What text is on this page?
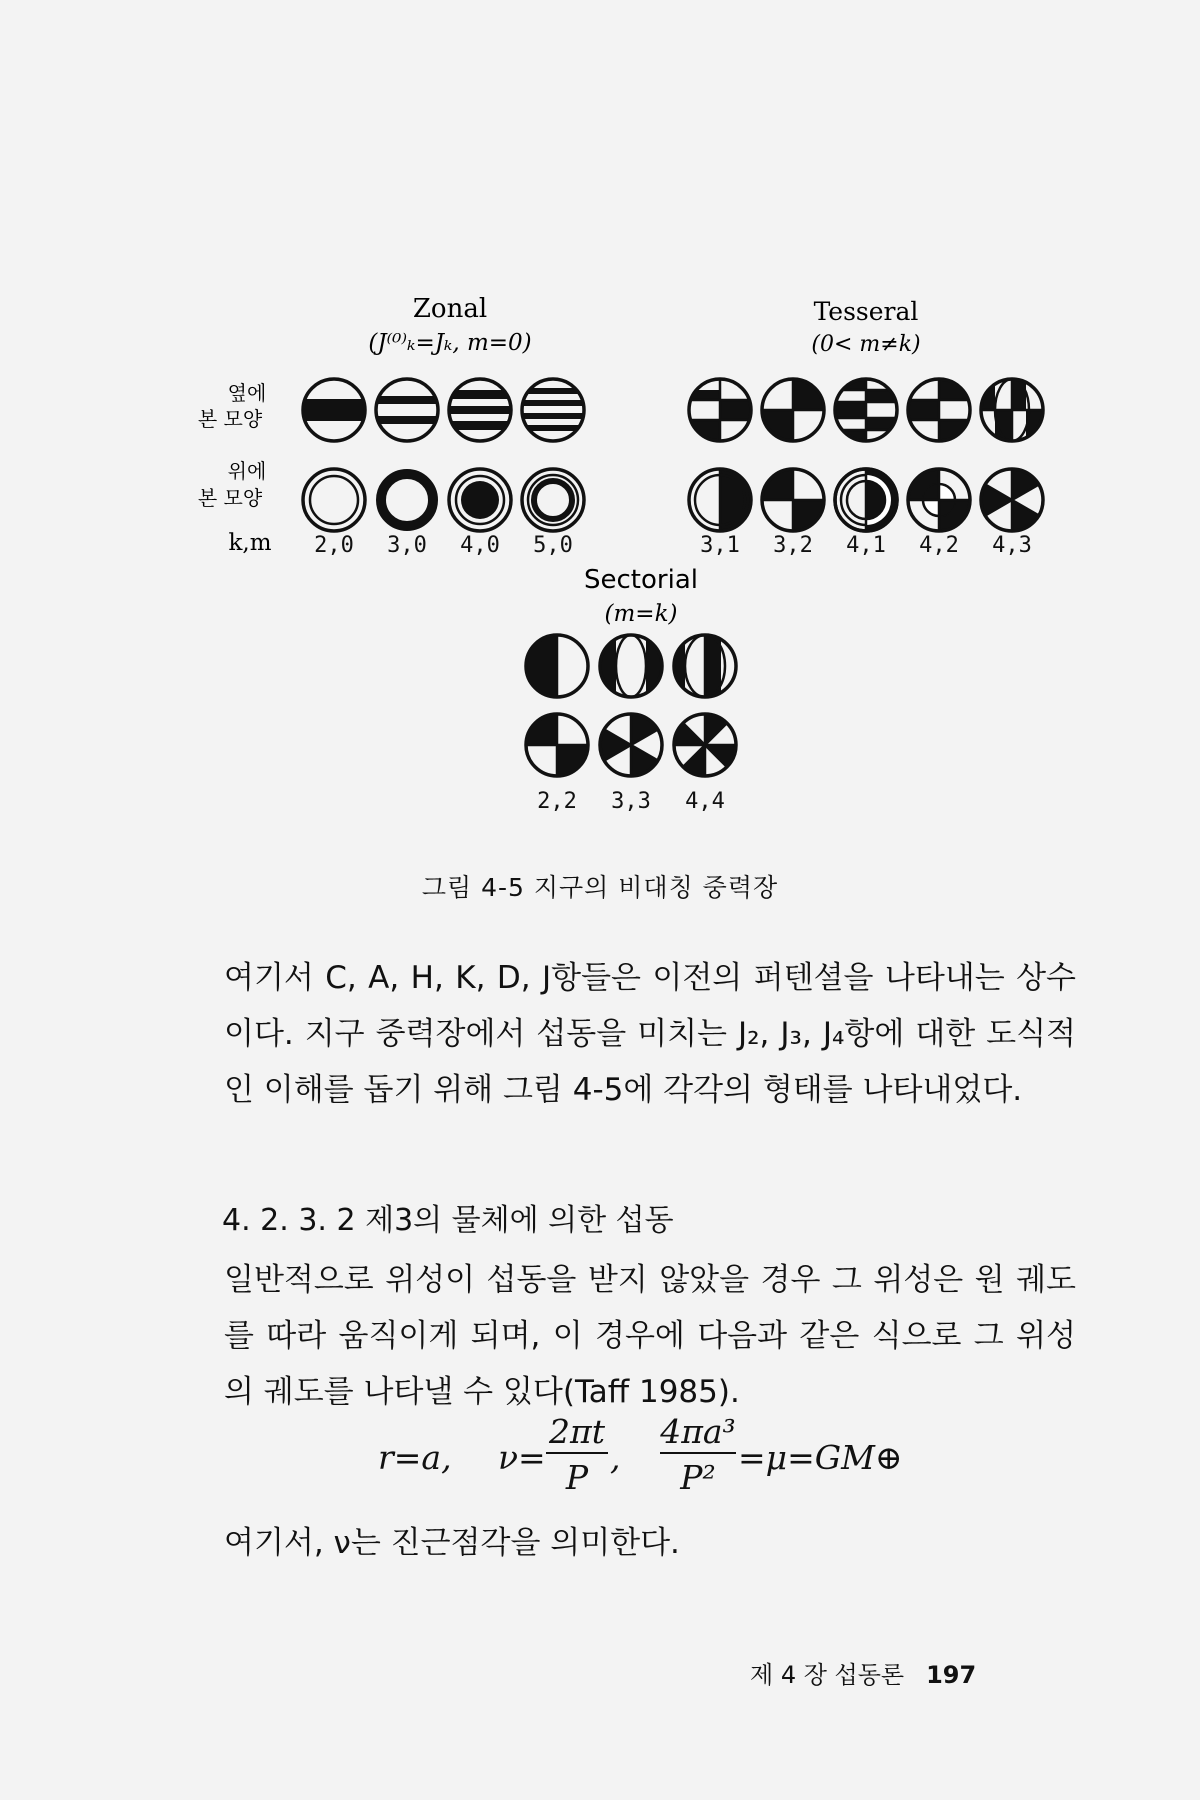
Zonal
(J⁽⁰⁾ₖ=Jₖ, m=0)
Tesseral
(0< m≠k)
Sectorial
(m=k)
옆에
본 모양
위에
본 모양
k,m 2,0 3,0 4,0 5,0	3,1 3,2 4,1 4,2 4,3
2,2 3,3 4,4
그림 4-5 지구의 비대칭 중력장

여기서 C, A, H, K, D, J항들은 이전의 퍼텐셜을 나타내는 상수이다. 지구 중력장에서 섭동을 미치는 J₂, J₃, J₄항에 대한 도식적인 이해를 돕기 위해 그림 4-5에 각각의 형태를 나타내었다.

4. 2. 3. 2 제3의 물체에 의한 섭동

일반적으로 위성이 섭동을 받지 않았을 경우 그 위성은 원 궤도를 따라 움직이게 되며, 이 경우에 다음과 같은 식으로 그 위성의 궤도를 나타낼 수 있다(Taff 1985).

r=a, ν=
2πt
P
,
4πa³
P²
=μ=GM⊕

여기서, ν는 진근점각을 의미한다.

제 4 장 섭동론 197
